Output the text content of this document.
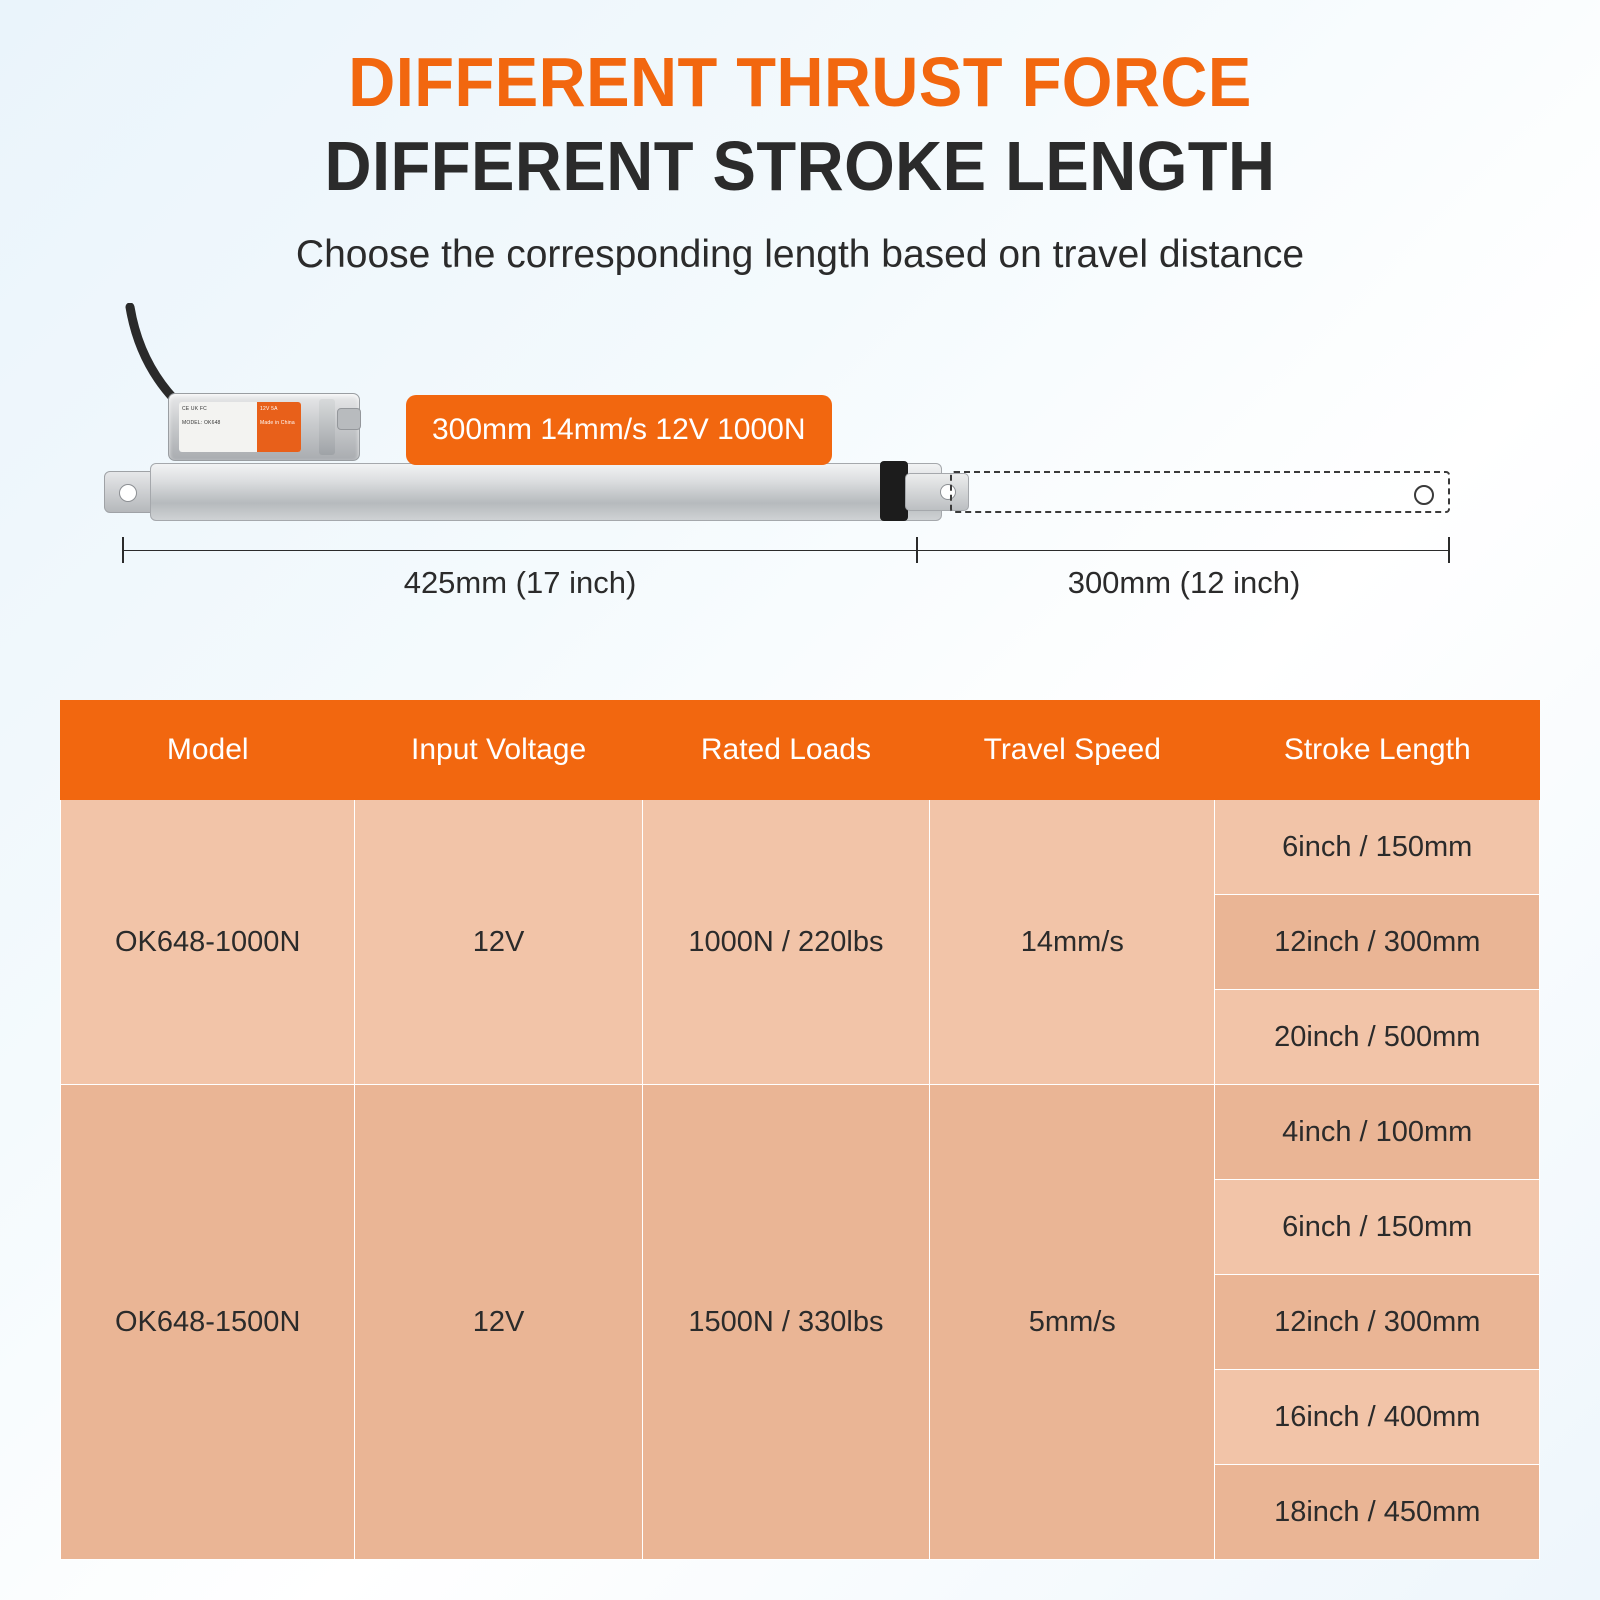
DIFFERENT THRUST FORCE
DIFFERENT STROKE LENGTH
Choose the corresponding length based on travel distance
CE UK FC
MODEL: OK648
12V 5A
Made in China	300mm 14mm/s 12V 1000N
425mm (17 inch)	300mm (12 inch)
Model	Input Voltage	Rated Loads	Travel Speed	Stroke Length
OK648-1000N	12V	1000N / 220lbs	14mm/s	6inch / 150mm
				12inch / 300mm
				20inch / 500mm
OK648-1500N	12V	1500N / 330lbs	5mm/s	4inch / 100mm
				6inch / 150mm
				12inch / 300mm
				16inch / 400mm
				18inch / 450mm
